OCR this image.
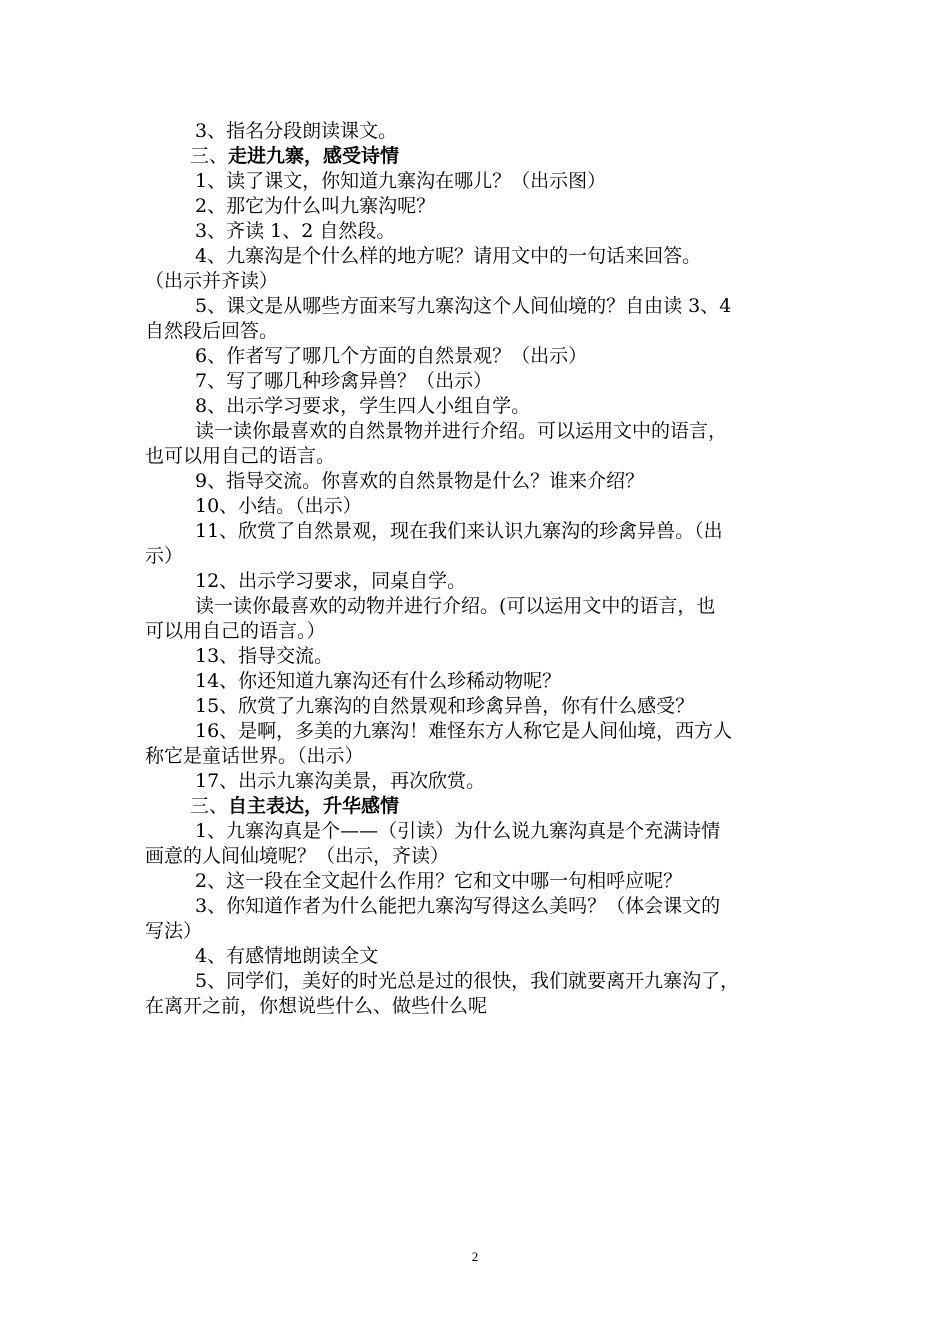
3、指名分段朗读课文。

三、走进九寨，感受诗情

1、读了课文，你知道九寨沟在哪儿？（出示图）

2、那它为什么叫九寨沟呢？

3、齐读 1、2 自然段。

4、九寨沟是个什么样的地方呢？请用文中的一句话来回答。
（出示并齐读）
5、课文是从哪些方面来写九寨沟这个人间仙境的？自由读 3、4
自然段后回答。

6、作者写了哪几个方面的自然景观？（出示）

7、写了哪几种珍禽异兽？（出示）

8、出示学习要求，学生四人小组自学。

读一读你最喜欢的自然景物并进行介绍。可以运用文中的语言，
也可以用自己的语言。

9、指导交流。你喜欢的自然景物是什么？谁来介绍？

10、小结。（出示）

11、欣赏了自然景观，现在我们来认识九寨沟的珍禽异兽。（出
示）

12、出示学习要求，同桌自学。

读一读你最喜欢的动物并进行介绍。(可以运用文中的语言，也
可以用自己的语言。）

13、指导交流。

14、你还知道九寨沟还有什么珍稀动物呢？

15、欣赏了九寨沟的自然景观和珍禽异兽，你有什么感受？

16、是啊，多美的九寨沟！难怪东方人称它是人间仙境，西方人
称它是童话世界。（出示）

17、出示九寨沟美景，再次欣赏。

三、自主表达，升华感情

1、九寨沟真是个——（引读）为什么说九寨沟真是个充满诗情
画意的人间仙境呢？（出示，齐读）

2、这一段在全文起什么作用？它和文中哪一句相呼应呢？

3、你知道作者为什么能把九寨沟写得这么美吗？（体会课文的
写法）

4、有感情地朗读全文

5、同学们，美好的时光总是过的很快，我们就要离开九寨沟了，
在离开之前，你想说些什么、做些什么呢
2
